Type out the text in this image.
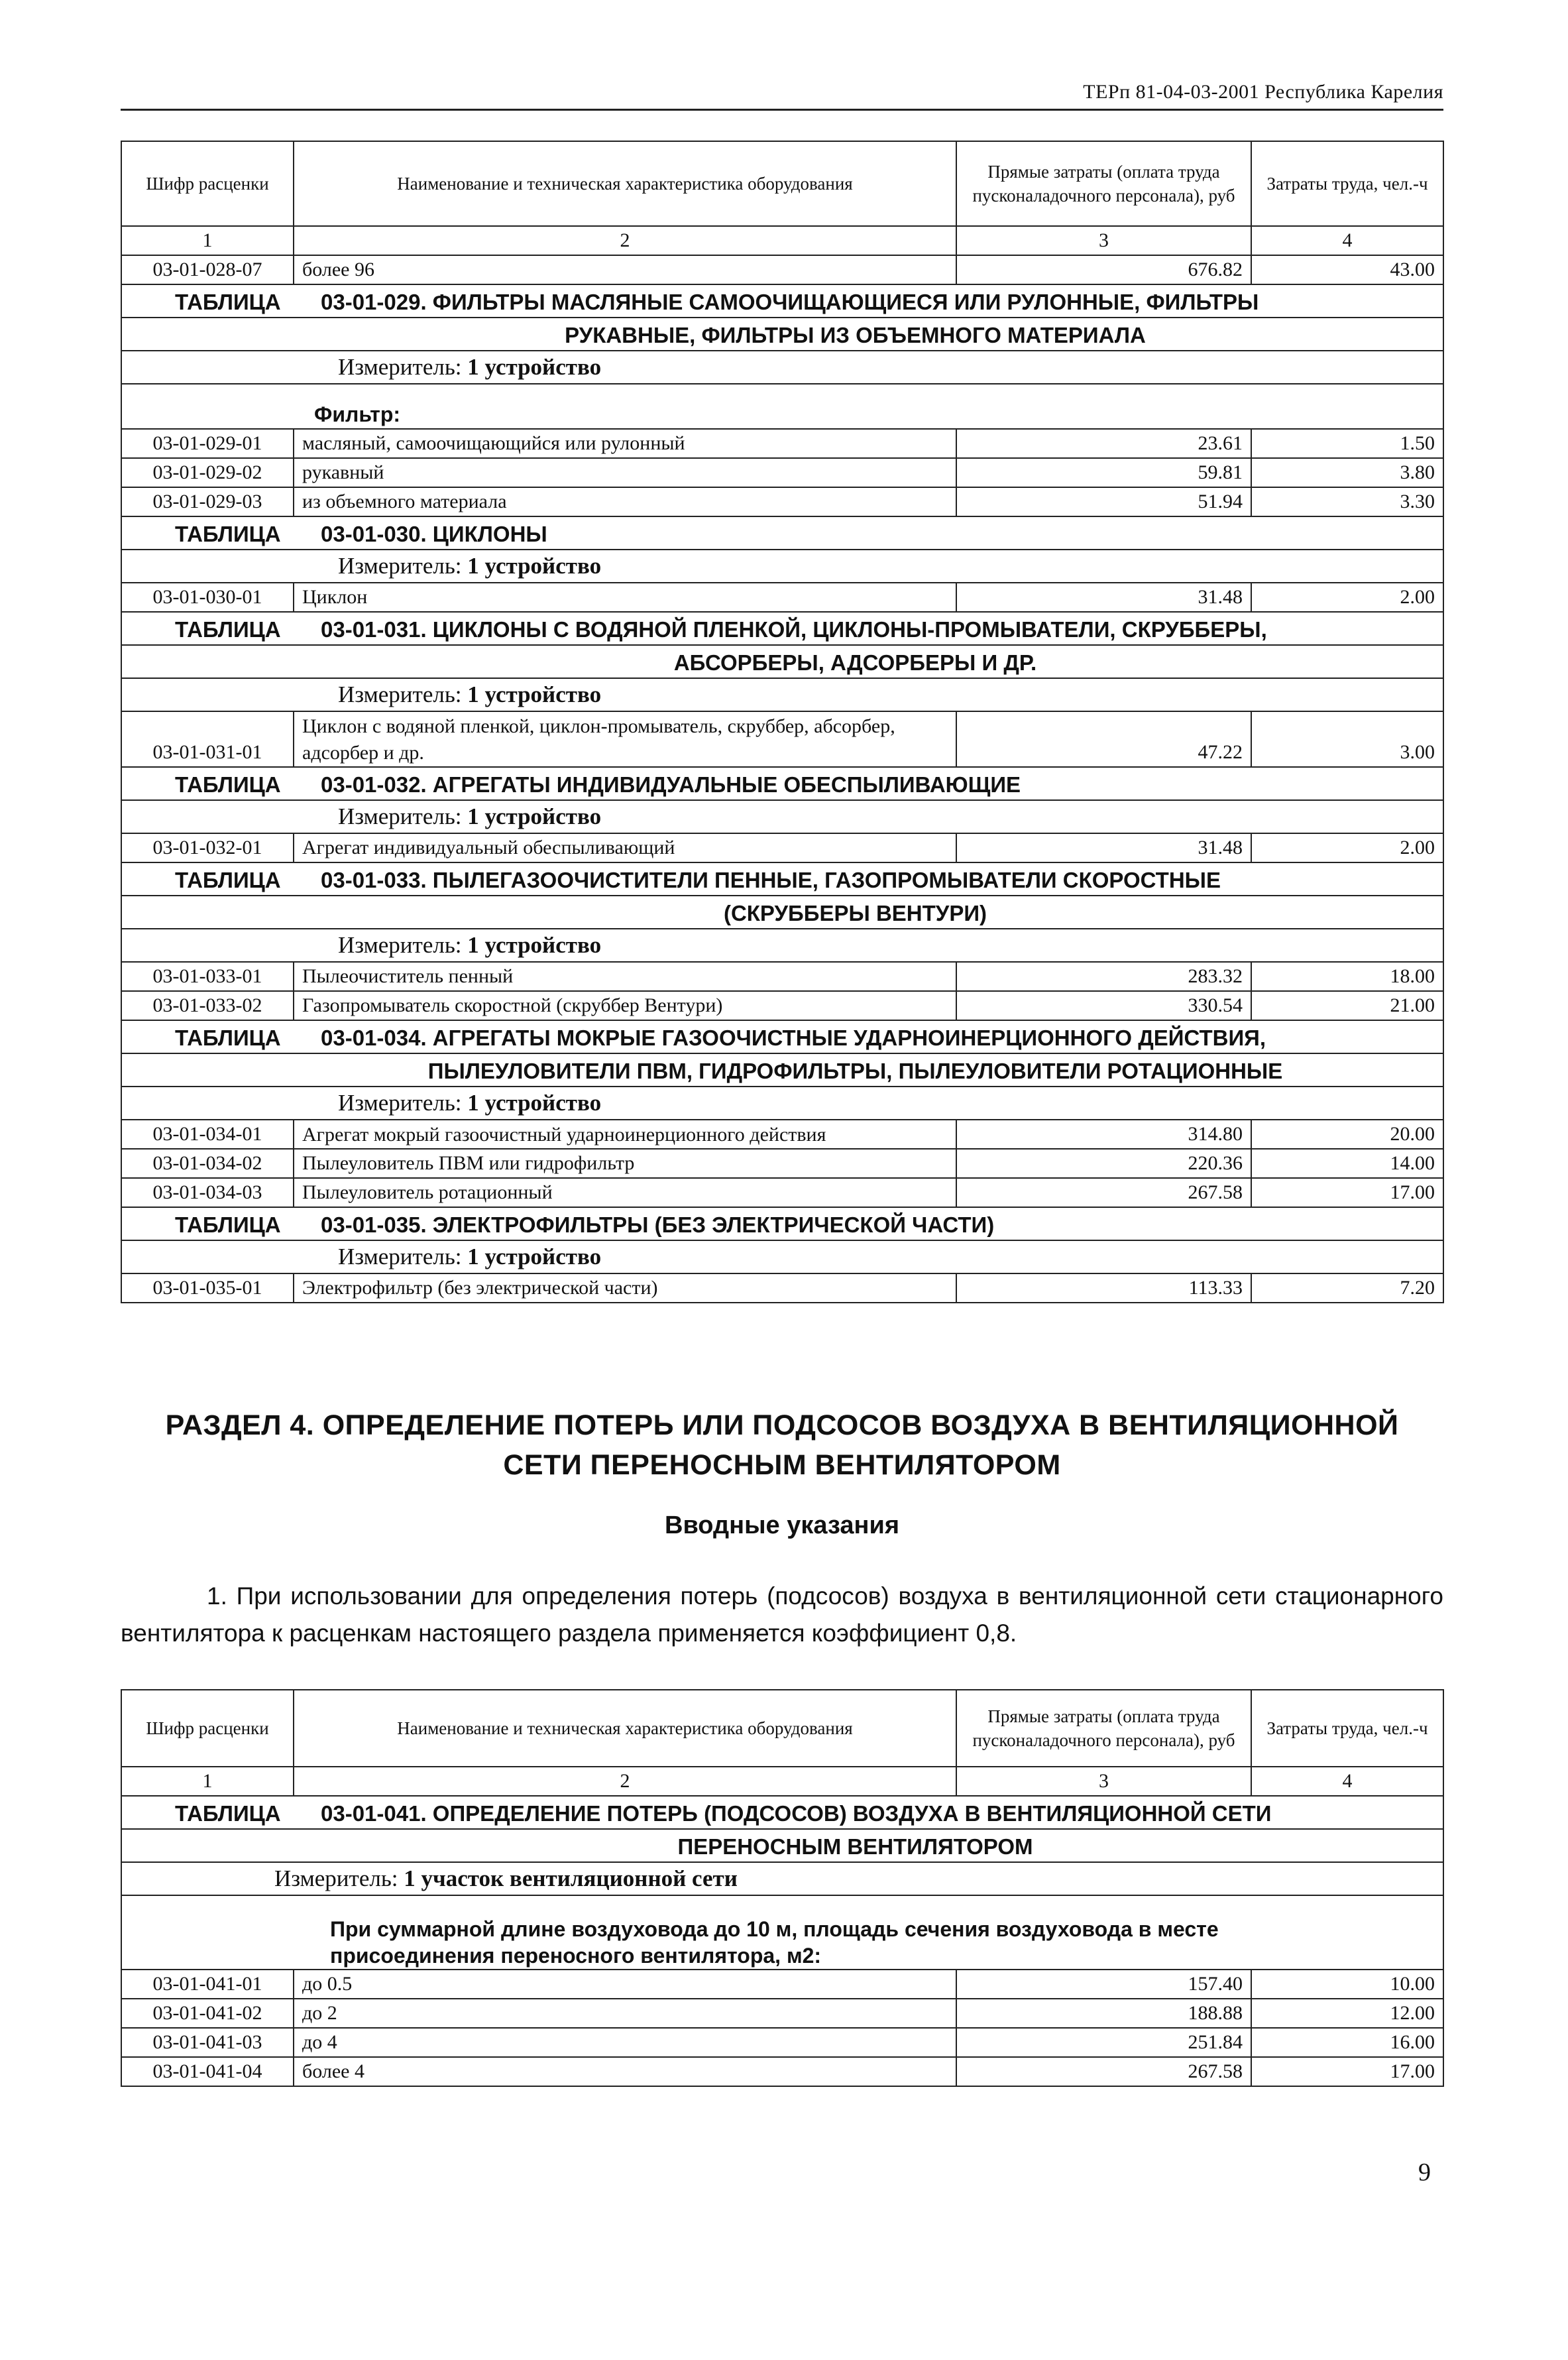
ТЕРп 81-04-03-2001 Республика Карелия
Шифр расценки	Наименование и техническая характеристика оборудования	Прямые затраты (оплата труда пусконаладочного персонала), руб	Затраты труда, чел.-ч
1	2	3	4
03-01-028-07	более 96	676.82	43.00
ТАБЛИЦА 03-01-029. ФИЛЬТРЫ МАСЛЯНЫЕ САМООЧИЩАЮЩИЕСЯ ИЛИ РУЛОННЫЕ, ФИЛЬТРЫ			

РУКАВНЫЕ, ФИЛЬТРЫ ИЗ ОБЪЕМНОГО МАТЕРИАЛА			
Измеритель: 1 устройство			
Фильтр:			
03-01-029-01	масляный, самоочищающийся или рулонный	23.61	1.50
03-01-029-02	рукавный	59.81	3.80
03-01-029-03	из объемного материала	51.94	3.30
ТАБЛИЦА 03-01-030. ЦИКЛОНЫ			

Измеритель: 1 устройство			
03-01-030-01	Циклон	31.48	2.00
ТАБЛИЦА 03-01-031. ЦИКЛОНЫ С ВОДЯНОЙ ПЛЕНКОЙ, ЦИКЛОНЫ-ПРОМЫВАТЕЛИ, СКРУББЕРЫ,			

АБСОРБЕРЫ, АДСОРБЕРЫ И ДР.			
Измеритель: 1 устройство			
03-01-031-01	Циклон с водяной пленкой, циклон-промыватель, скруббер, абсорбер, адсорбер и др.	47.22	3.00
ТАБЛИЦА 03-01-032. АГРЕГАТЫ ИНДИВИДУАЛЬНЫЕ ОБЕСПЫЛИВАЮЩИЕ			

Измеритель: 1 устройство			
03-01-032-01	Агрегат индивидуальный обеспыливающий	31.48	2.00
ТАБЛИЦА 03-01-033. ПЫЛЕГАЗООЧИСТИТЕЛИ ПЕННЫЕ, ГАЗОПРОМЫВАТЕЛИ СКОРОСТНЫЕ			

(СКРУББЕРЫ ВЕНТУРИ)			
Измеритель: 1 устройство			
03-01-033-01	Пылеочиститель пенный	283.32	18.00
03-01-033-02	Газопромыватель скоростной (скруббер Вентури)	330.54	21.00
ТАБЛИЦА 03-01-034. АГРЕГАТЫ МОКРЫЕ ГАЗООЧИСТНЫЕ УДАРНОИНЕРЦИОННОГО ДЕЙСТВИЯ,			

ПЫЛЕУЛОВИТЕЛИ ПВМ, ГИДРОФИЛЬТРЫ, ПЫЛЕУЛОВИТЕЛИ РОТАЦИОННЫЕ			
Измеритель: 1 устройство			
03-01-034-01	Агрегат мокрый газоочистный ударноинерционного действия	314.80	20.00
03-01-034-02	Пылеуловитель ПВМ или гидрофильтр	220.36	14.00
03-01-034-03	Пылеуловитель ротационный	267.58	17.00
ТАБЛИЦА 03-01-035. ЭЛЕКТРОФИЛЬТРЫ (БЕЗ ЭЛЕКТРИЧЕСКОЙ ЧАСТИ)			

Измеритель: 1 устройство			
03-01-035-01	Электрофильтр (без электрической части)	113.33	7.20
РАЗДЕЛ 4. ОПРЕДЕЛЕНИЕ ПОТЕРЬ ИЛИ ПОДСОСОВ ВОЗДУХА В ВЕНТИЛЯЦИОННОЙ
СЕТИ ПЕРЕНОСНЫМ ВЕНТИЛЯТОРОМ
Вводные указания
1. При использовании для определения потерь (подсосов) воздуха в вентиляционной сети стационарного вентилятора к расценкам настоящего раздела применяется коэффициент 0,8.
Шифр расценки	Наименование и техническая характеристика оборудования	Прямые затраты (оплата труда пусконаладочного персонала), руб	Затраты труда, чел.-ч
1	2	3	4
ТАБЛИЦА 03-01-041. ОПРЕДЕЛЕНИЕ ПОТЕРЬ (ПОДСОСОВ) ВОЗДУХА В ВЕНТИЛЯЦИОННОЙ СЕТИ			

ПЕРЕНОСНЫМ ВЕНТИЛЯТОРОМ			
Измеритель: 1 участок вентиляционной сети			
При суммарной длине воздуховода до 10 м, площадь сечения воздуховода в месте присоединения переносного вентилятора, м2:			
03-01-041-01	до 0.5	157.40	10.00
03-01-041-02	до 2	188.88	12.00
03-01-041-03	до 4	251.84	16.00
03-01-041-04	более 4	267.58	17.00
9
